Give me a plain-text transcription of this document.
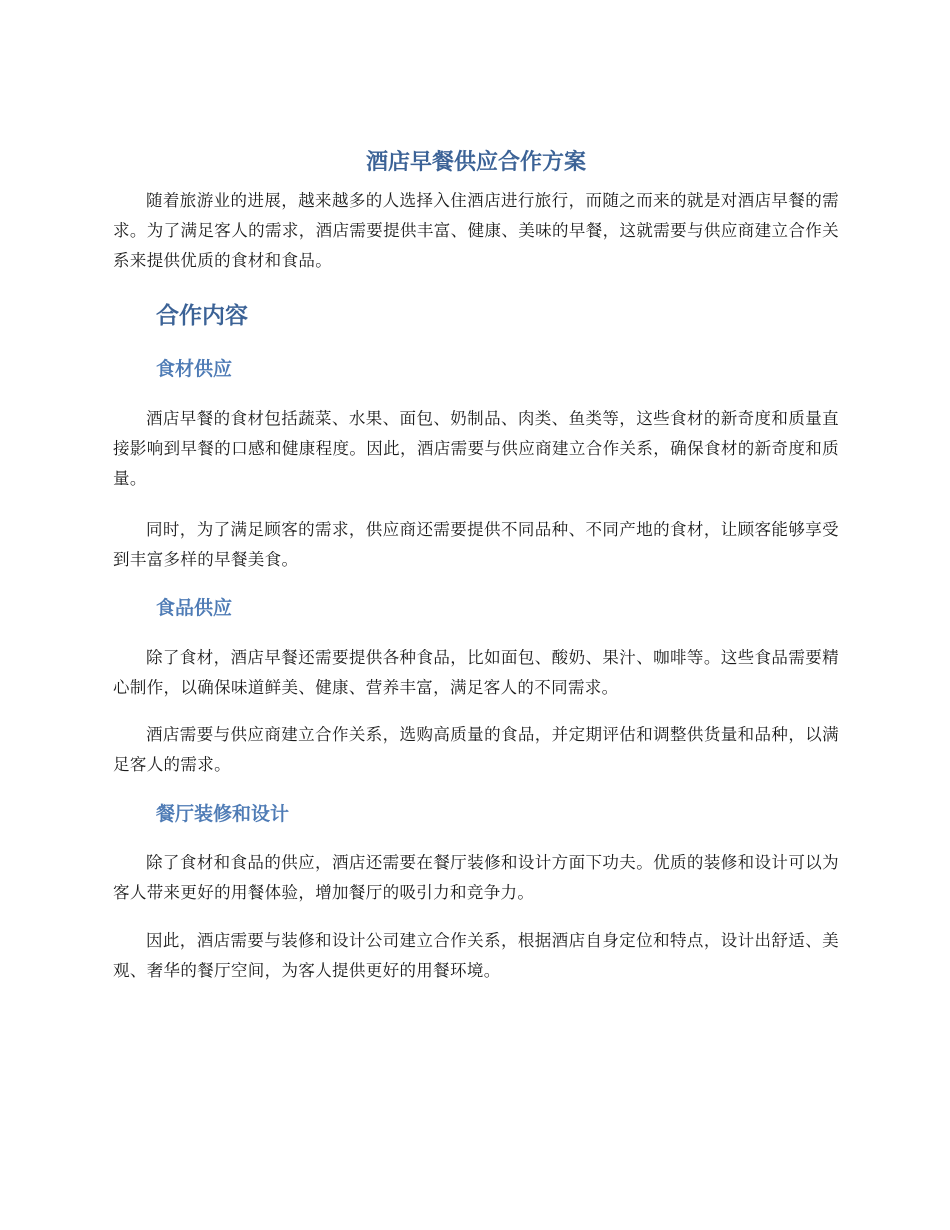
酒店早餐供应合作方案

随着旅游业的进展，越来越多的人选择入住酒店进行旅行，而随之而来的就是对酒店早餐的需求。为了满足客人的需求，酒店需要提供丰富、健康、美味的早餐，这就需要与供应商建立合作关系来提供优质的食材和食品。

合作内容
食材供应

酒店早餐的食材包括蔬菜、水果、面包、奶制品、肉类、鱼类等，这些食材的新奇度和质量直接影响到早餐的口感和健康程度。因此，酒店需要与供应商建立合作关系，确保食材的新奇度和质量。

同时，为了满足顾客的需求，供应商还需要提供不同品种、不同产地的食材，让顾客能够享受到丰富多样的早餐美食。

食品供应

除了食材，酒店早餐还需要提供各种食品，比如面包、酸奶、果汁、咖啡等。这些食品需要精心制作，以确保味道鲜美、健康、营养丰富，满足客人的不同需求。

酒店需要与供应商建立合作关系，选购高质量的食品，并定期评估和调整供货量和品种，以满足客人的需求。

餐厅装修和设计

除了食材和食品的供应，酒店还需要在餐厅装修和设计方面下功夫。优质的装修和设计可以为客人带来更好的用餐体验，增加餐厅的吸引力和竞争力。

因此，酒店需要与装修和设计公司建立合作关系，根据酒店自身定位和特点，设计出舒适、美观、奢华的餐厅空间，为客人提供更好的用餐环境。
